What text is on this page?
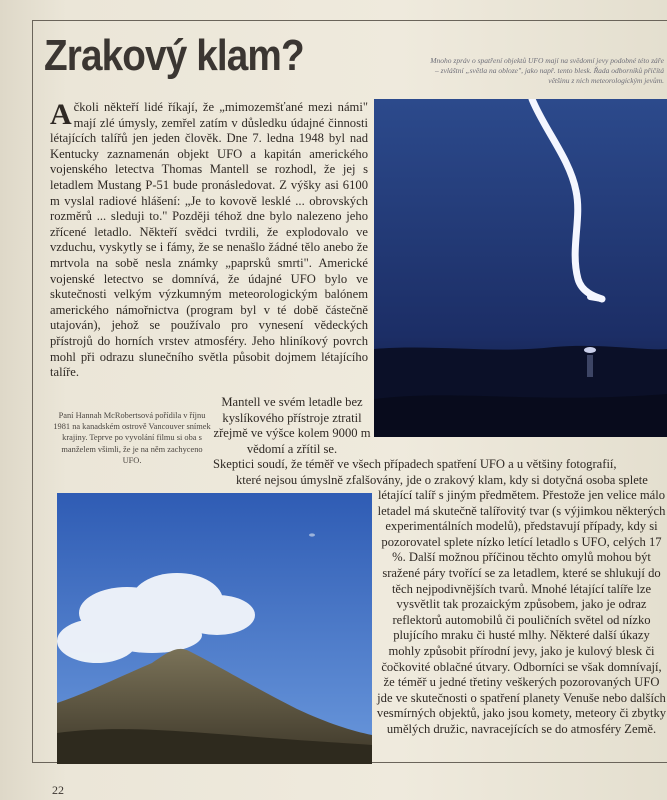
Zrakový klam?	Mnoho zpráv o spatření objektů UFO mají na svědomí jevy podobné této záře – zvláštní „světla na obloze", jako např. tento blesk. Řada odborníků přičítá většinu z nich meteorologickým jevům.
Ačkoli někteří lidé říkají, že „mimozemšťané mezi námi" mají zlé úmysly, zemřel zatím v důsledku údajné činnosti létajících talířů jen jeden člověk. Dne 7. ledna 1948 byl nad Kentucky zaznamenán objekt UFO a kapitán amerického vojenského letectva Thomas Mantell se rozhodl, že jej s letadlem Mustang P-51 bude pronásledovat. Z výšky asi 6100 m vyslal radiové hlášení: „Je to kovově lesklé ... obrovských rozměrů ... sleduji to." Později téhož dne bylo nalezeno jeho zřícené letadlo. Někteří svědci tvrdili, že explodovalo ve vzduchu, vyskytly se i fámy, že se nenašlo žádné tělo anebo že mrtvola na sobě nesla známky „paprsků smrti". Americké vojenské letectvo se domnívá, že údajné UFO bylo ve skutečnosti velkým výzkumným meteorologickým balónem amerického námořnictva (program byl v té době částečně utajován), jehož se používalo pro vynesení vědeckých přístrojů do horních vrstev atmosféry. Jeho hliníkový povrch mohl při odrazu slunečního světla působit dojmem létajícího talíře.
Paní Hannah McRobertsová pořídila v říjnu 1981 na kanadském ostrově Vancouver snímek krajiny. Teprve po vyvolání filmu si oba s manželem všimli, že je na něm zachyceno UFO.
Mantell ve svém letadle bez kyslíkového přístroje ztratil zřejmě ve výšce kolem 9000 m vědomí a zřítil se.
Skeptici soudí, že téměř ve všech případech spatření UFO a u většiny fotografií,
které nejsou úmyslně zfalšovány, jde o zrakový klam, kdy si dotyčná osoba splete
létající talíř s jiným předmětem. Přestože jen velice málo letadel má skutečně talířovitý tvar (s výjimkou některých experimentálních modelů), představují případy, kdy si pozorovatel splete nízko letící letadlo s UFO, celých 17 %. Další možnou příčinou těchto omylů mohou být sražené páry tvořící se za letadlem, které se shlukují do těch nejpodivnějších tvarů. Mnohé létající talíře lze vysvětlit tak prozaickým způsobem, jako je odraz reflektorů automobilů či pouličních světel od nízko plujícího mraku či husté mlhy. Některé další úkazy mohly způsobit přírodní jevy, jako je kulový blesk či čočkovité oblačné útvary. Odborníci se však domnívají, že téměř u jedné třetiny veškerých pozorovaných UFO jde ve skutečnosti o spatření planety Venuše nebo dalších vesmírných objektů, jako jsou komety, meteory či zbytky umělých družic, navracejících se do atmosféry Země.
22
